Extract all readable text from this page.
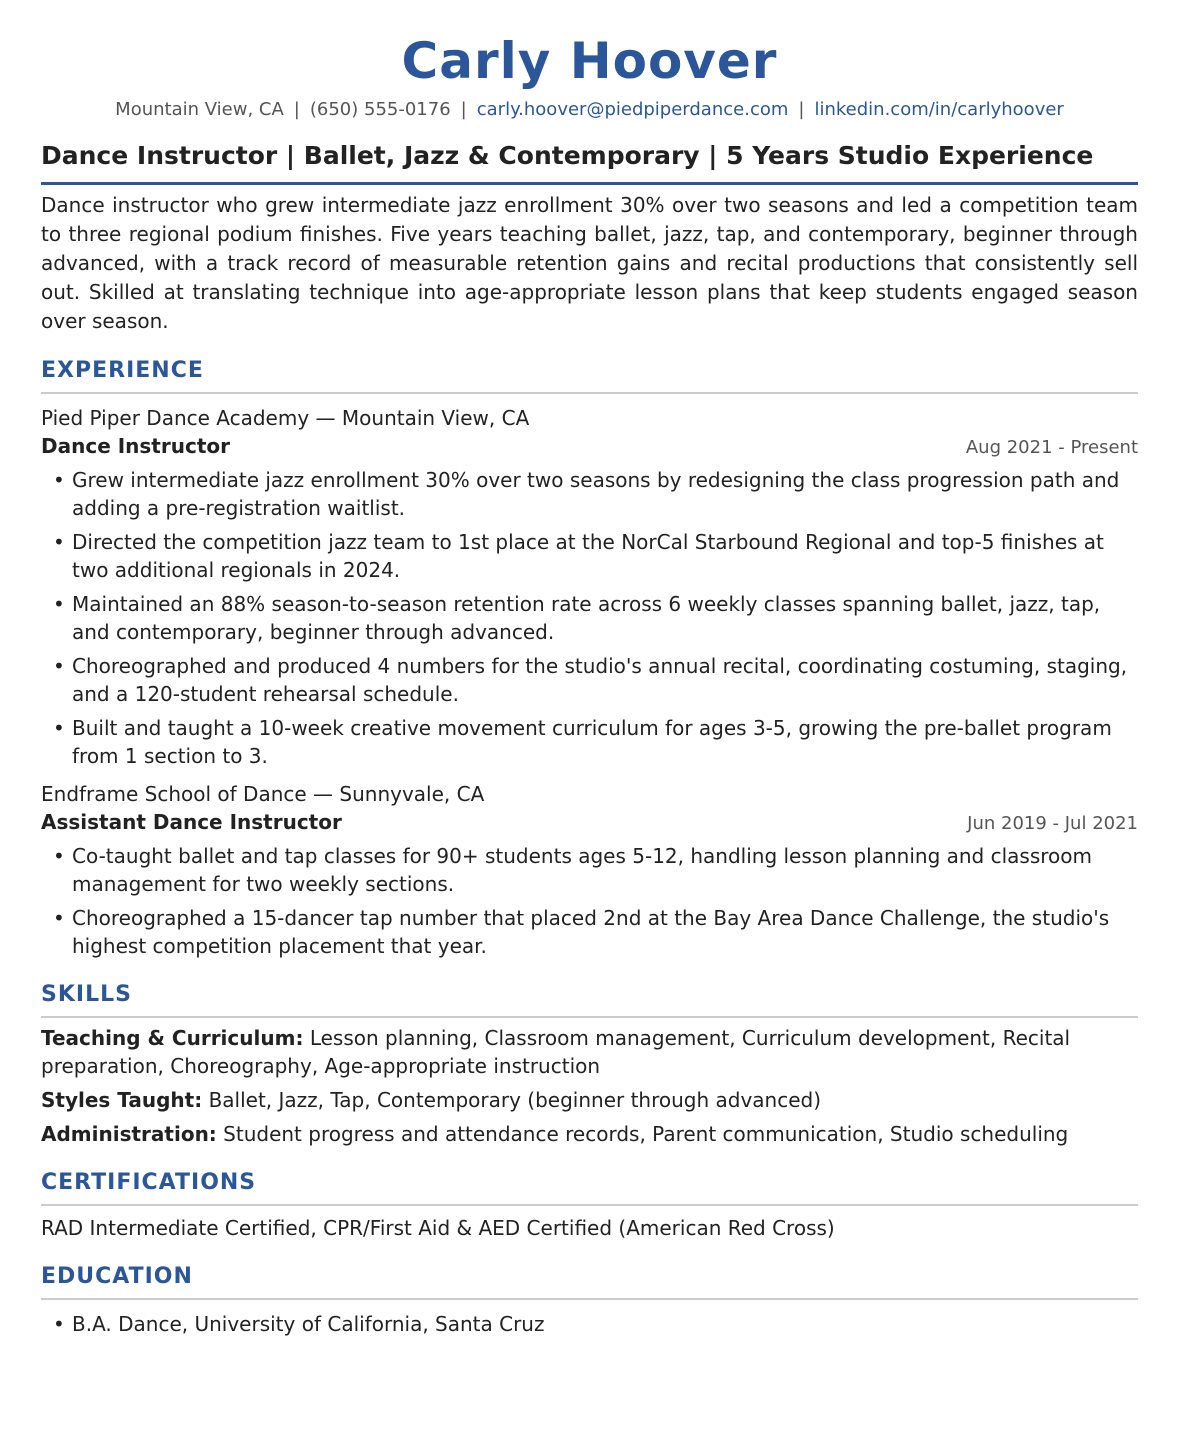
Carly Hoover
Mountain View, CA | (650) 555-0176 | carly.hoover@piedpiperdance.com | linkedin.com/in/carlyhoover
Dance Instructor | Ballet, Jazz & Contemporary | 5 Years Studio Experience
Dance instructor who grew intermediate jazz enrollment 30% over two seasons and led a competition team to three regional podium finishes. Five years teaching ballet, jazz, tap, and contemporary, beginner through advanced, with a track record of measurable retention gains and recital productions that consistently sell out. Skilled at translating technique into age-appropriate lesson plans that keep students engaged season over season.
EXPERIENCE
Pied Piper Dance Academy — Mountain View, CA
Dance Instructor	Aug 2021 - Present
• Grew intermediate jazz enrollment 30% over two seasons by redesigning the class progression path and adding a pre-registration waitlist.
• Directed the competition jazz team to 1st place at the NorCal Starbound Regional and top-5 finishes at two additional regionals in 2024.
• Maintained an 88% season-to-season retention rate across 6 weekly classes spanning ballet, jazz, tap, and contemporary, beginner through advanced.
• Choreographed and produced 4 numbers for the studio's annual recital, coordinating costuming, staging, and a 120-student rehearsal schedule.
• Built and taught a 10-week creative movement curriculum for ages 3-5, growing the pre-ballet program from 1 section to 3.
Endframe School of Dance — Sunnyvale, CA
Assistant Dance Instructor	Jun 2019 - Jul 2021
• Co-taught ballet and tap classes for 90+ students ages 5-12, handling lesson planning and classroom management for two weekly sections.
• Choreographed a 15-dancer tap number that placed 2nd at the Bay Area Dance Challenge, the studio's highest competition placement that year.
SKILLS
Teaching & Curriculum: Lesson planning, Classroom management, Curriculum development, Recital preparation, Choreography, Age-appropriate instruction
Styles Taught: Ballet, Jazz, Tap, Contemporary (beginner through advanced)
Administration: Student progress and attendance records, Parent communication, Studio scheduling
CERTIFICATIONS
RAD Intermediate Certified, CPR/First Aid & AED Certified (American Red Cross)
EDUCATION
• B.A. Dance, University of California, Santa Cruz
